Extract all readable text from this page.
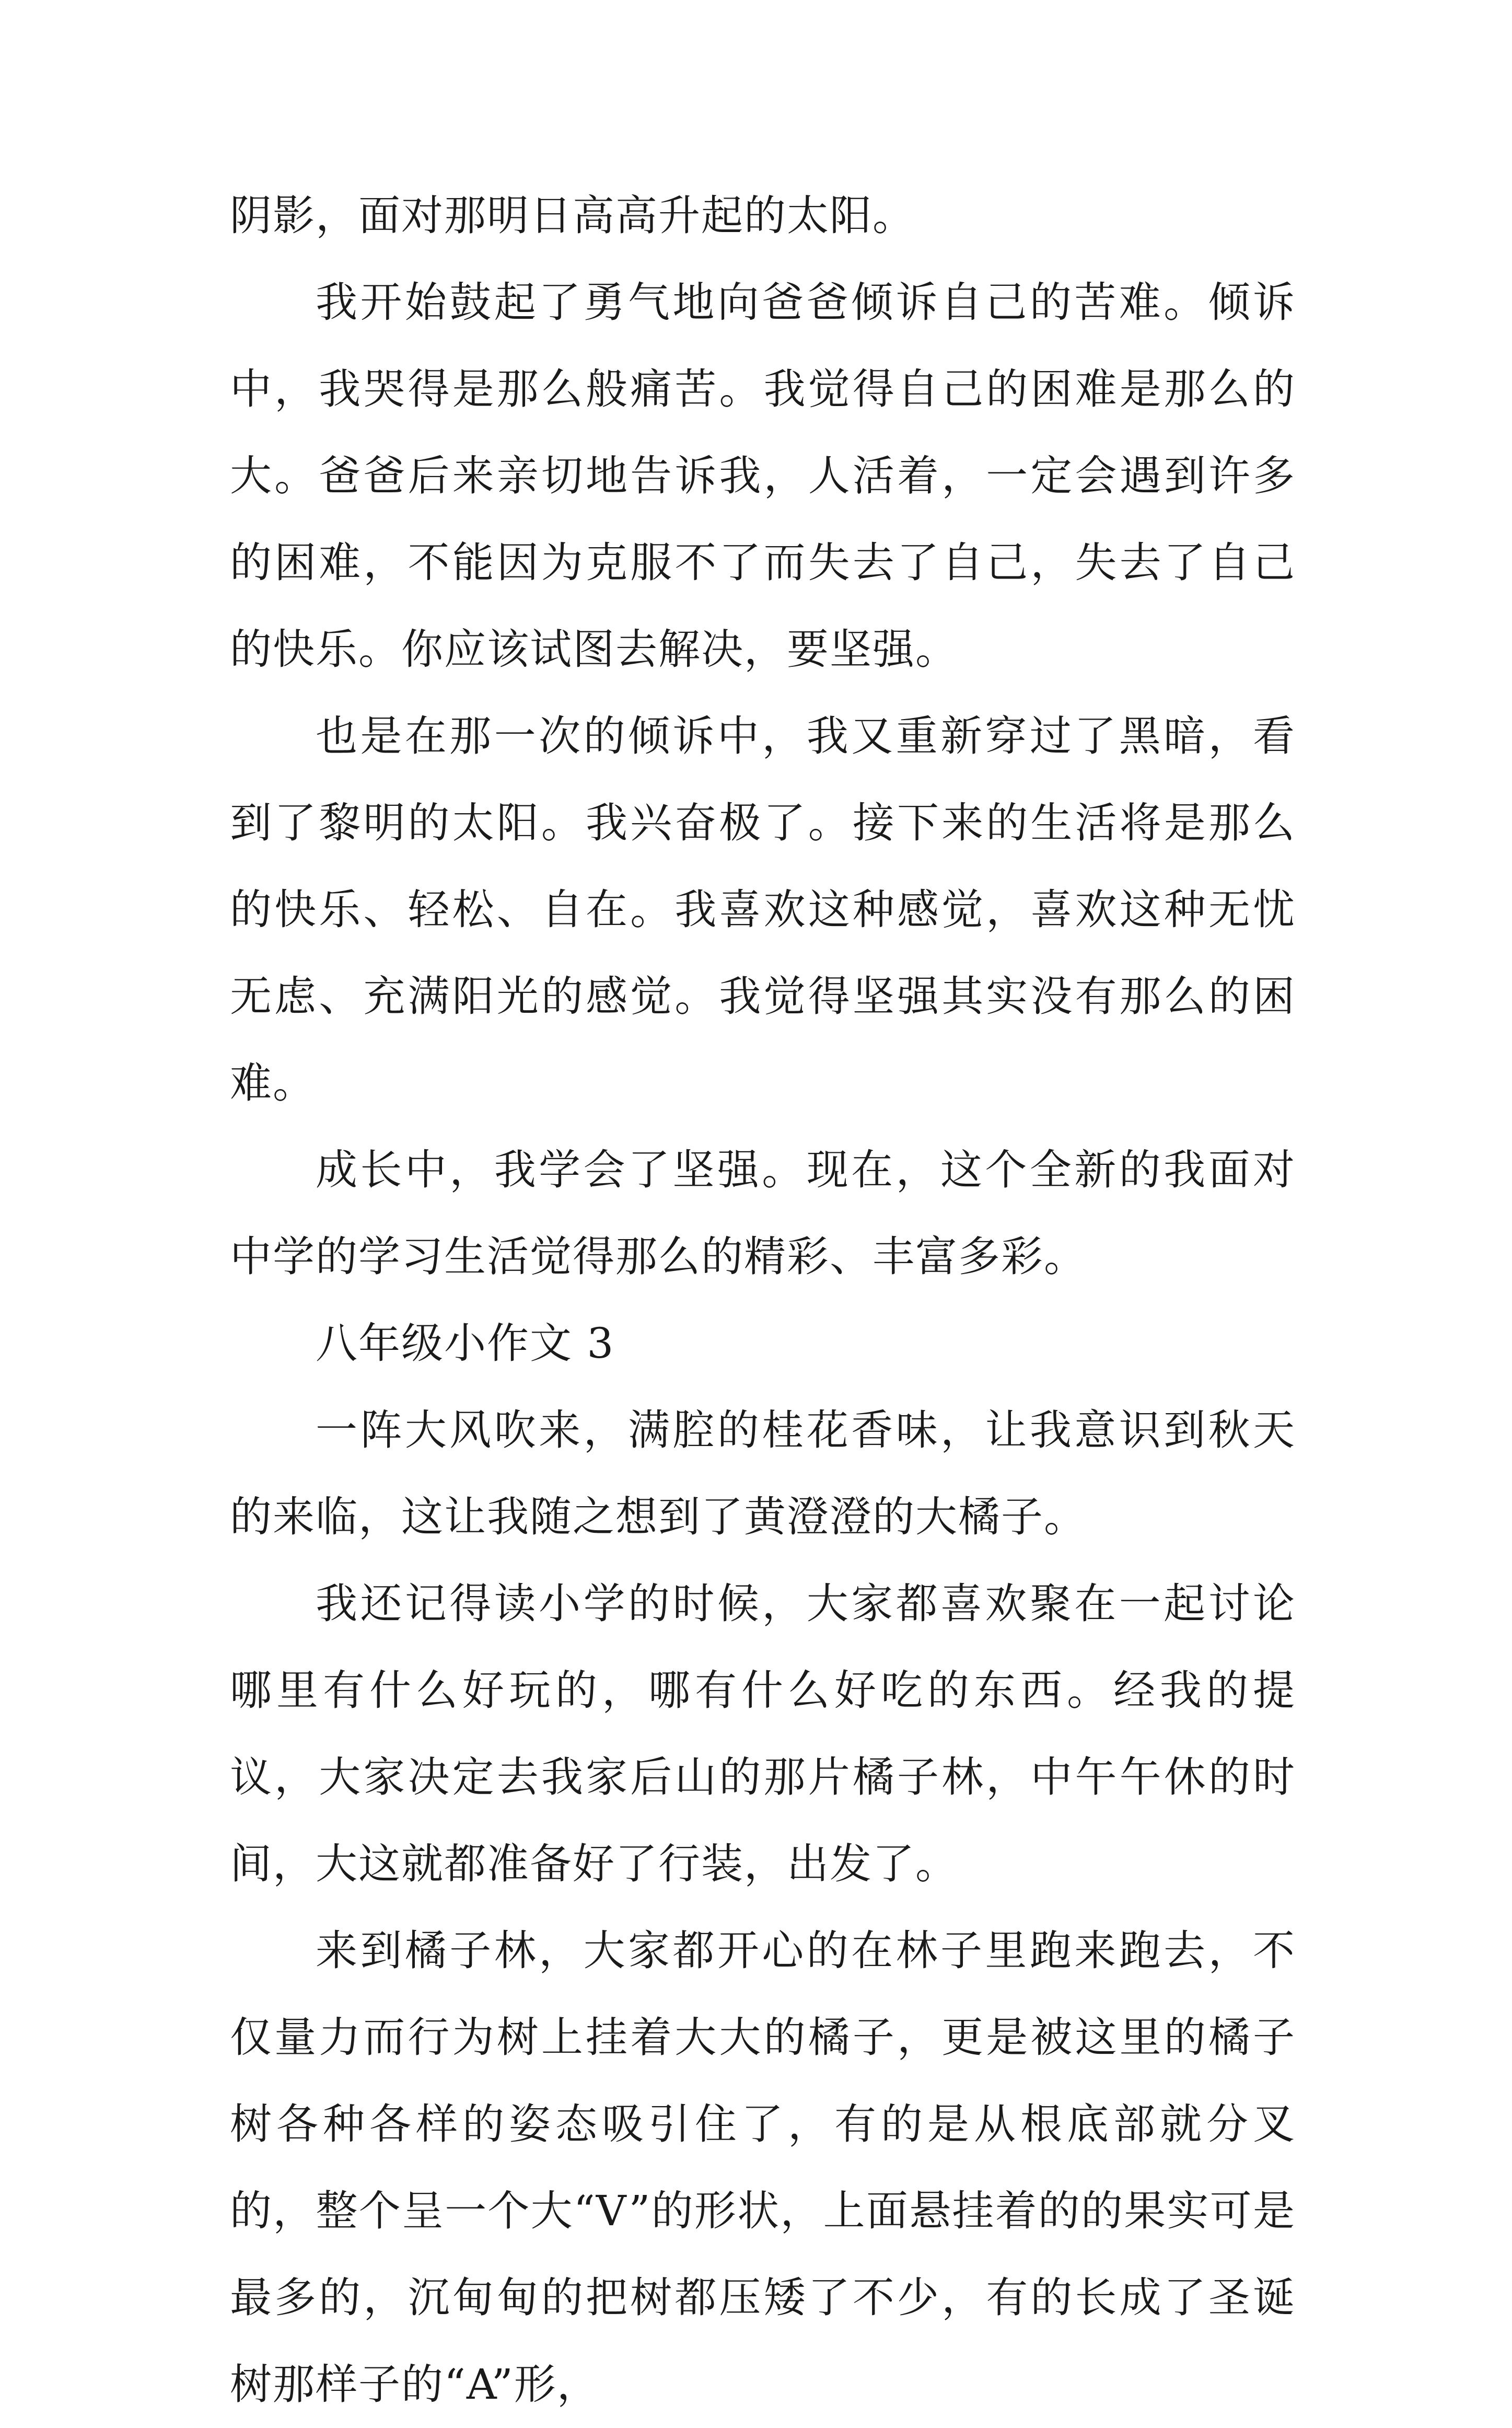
阴影，面对那明日高高升起的太阳。

我开始鼓起了勇气地向爸爸倾诉自己的苦难。倾诉中，我哭得是那么般痛苦。我觉得自己的困难是那么的大。爸爸后来亲切地告诉我，人活着，一定会遇到许多的困难，不能因为克服不了而失去了自己，失去了自己的快乐。你应该试图去解决，要坚强。

也是在那一次的倾诉中，我又重新穿过了黑暗，看到了黎明的太阳。我兴奋极了。接下来的生活将是那么的快乐、轻松、自在。我喜欢这种感觉，喜欢这种无忧无虑、充满阳光的感觉。我觉得坚强其实没有那么的困难。

成长中，我学会了坚强。现在，这个全新的我面对中学的学习生活觉得那么的精彩、丰富多彩。

八年级小作文 3

一阵大风吹来，满腔的桂花香味，让我意识到秋天的来临，这让我随之想到了黄澄澄的大橘子。

我还记得读小学的时候，大家都喜欢聚在一起讨论哪里有什么好玩的，哪有什么好吃的东西。经我的提议，大家决定去我家后山的那片橘子林，中午午休的时间，大这就都准备好了行装，出发了。

来到橘子林，大家都开心的在林子里跑来跑去，不仅量力而行为树上挂着大大的橘子，更是被这里的橘子树各种各样的姿态吸引住了，有的是从根底部就分叉的，整个呈一个大“V”的形状，上面悬挂着的的果实可是最多的，沉甸甸的把树都压矮了不少，有的长成了圣诞树那样子的“A”形，
